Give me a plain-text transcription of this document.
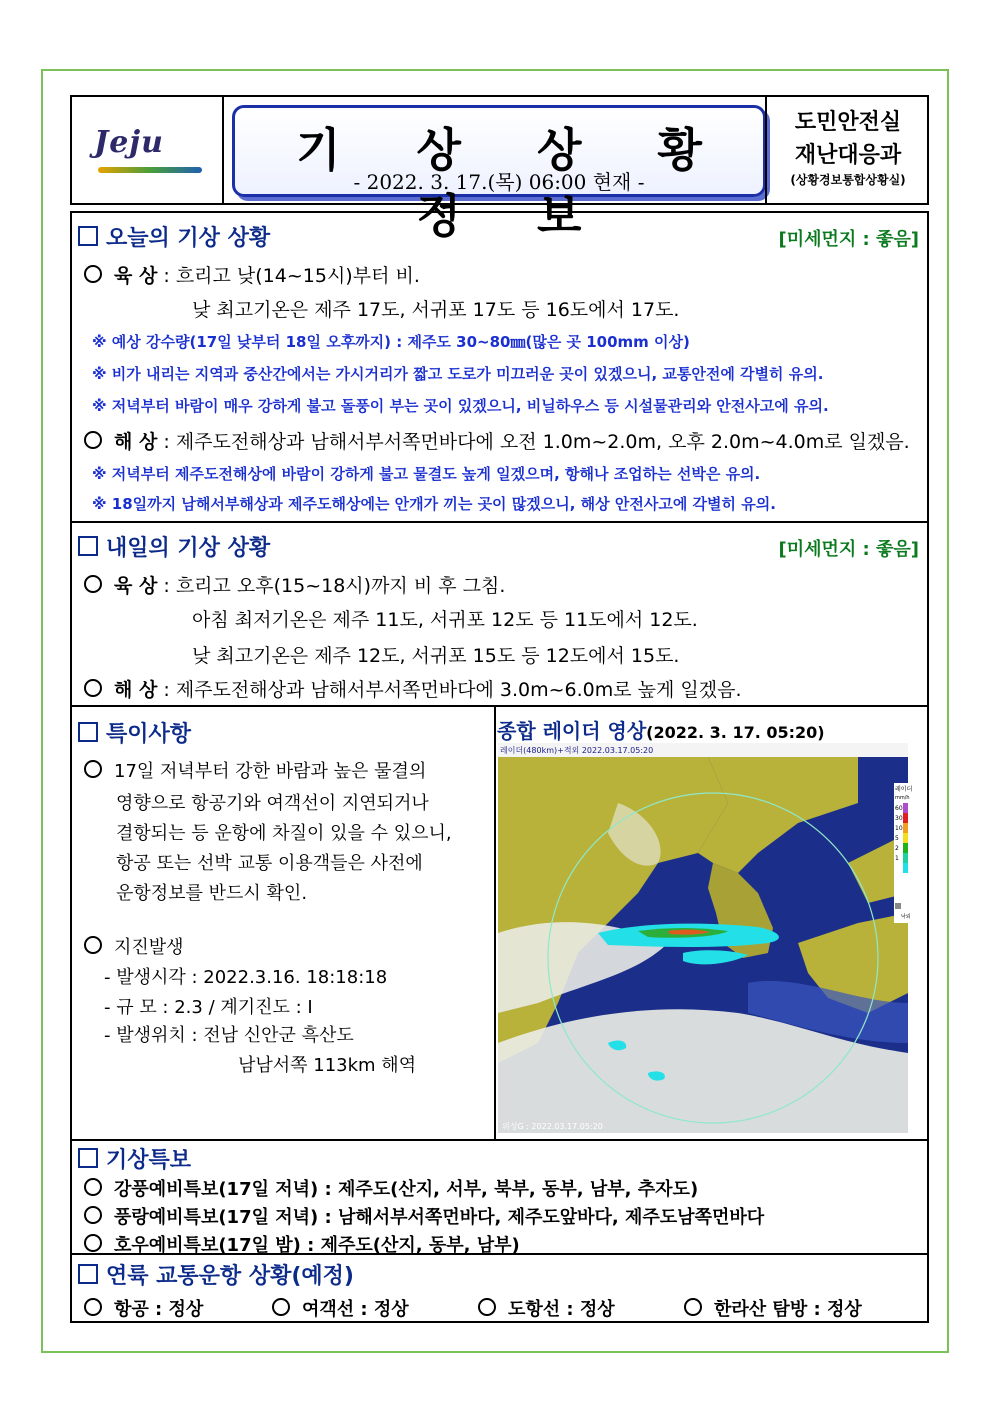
Jeju	기 상 상 황 정 보
- 2022. 3. 17.(목) 06:00 현재 -
도민안전실
재난대응과
(상황경보통합상황실)
오늘의 기상 상황	[미세먼지 : 좋음]
육 상 : 흐리고 낮(14~15시)부터 비.
낮 최고기온은 제주 17도, 서귀포 17도 등 16도에서 17도.
※ 예상 강수량(17일 낮부터 18일 오후까지) : 제주도 30~80㎜(많은 곳 100mm 이상)
※ 비가 내리는 지역과 중산간에서는 가시거리가 짧고 도로가 미끄러운 곳이 있겠으니, 교통안전에 각별히 유의.
※ 저녁부터 바람이 매우 강하게 불고 돌풍이 부는 곳이 있겠으니, 비닐하우스 등 시설물관리와 안전사고에 유의.
해 상 : 제주도전해상과 남해서부서쪽먼바다에 오전 1.0m~2.0m, 오후 2.0m~4.0m로 일겠음.
※ 저녁부터 제주도전해상에 바람이 강하게 불고 물결도 높게 일겠으며, 항해나 조업하는 선박은 유의.
※ 18일까지 남해서부해상과 제주도해상에는 안개가 끼는 곳이 많겠으니, 해상 안전사고에 각별히 유의.
내일의 기상 상황	[미세먼지 : 좋음]
육 상 : 흐리고 오후(15~18시)까지 비 후 그침.
아침 최저기온은 제주 11도, 서귀포 12도 등 11도에서 12도.
낮 최고기온은 제주 12도, 서귀포 15도 등 12도에서 15도.
해 상 : 제주도전해상과 남해서부서쪽먼바다에 3.0m~6.0m로 높게 일겠음.
특이사항
17일 저녁부터 강한 바람과 높은 물결의
영향으로 항공기와 여객선이 지연되거나
결항되는 등 운항에 차질이 있을 수 있으니,
항공 또는 선박 교통 이용객들은 사전에
운항정보를 반드시 확인.
지진발생
- 발생시각 : 2022.3.16. 18:18:18
- 규 모 : 2.3 / 계기진도 : Ⅰ
- 발생위치 : 전남 신안군 흑산도
남남서쪽 113km 해역
종합 레이더 영상(2022. 3. 17. 05:20)
레이더(480km)+적외 2022.03.17.05:20
레이더
mm/h
60
30
10
5
2
1
낙뢰
위성G : 2022.03.17.05:20
기상특보
강풍예비특보(17일 저녁) : 제주도(산지, 서부, 북부, 동부, 남부, 추자도)
풍랑예비특보(17일 저녁) : 남해서부서쪽먼바다, 제주도앞바다, 제주도남쪽먼바다
호우예비특보(17일 밤) : 제주도(산지, 동부, 남부)
연륙 교통운항 상황(예정)
항공 : 정상	여객선 : 정상	도항선 : 정상	한라산 탐방 : 정상
